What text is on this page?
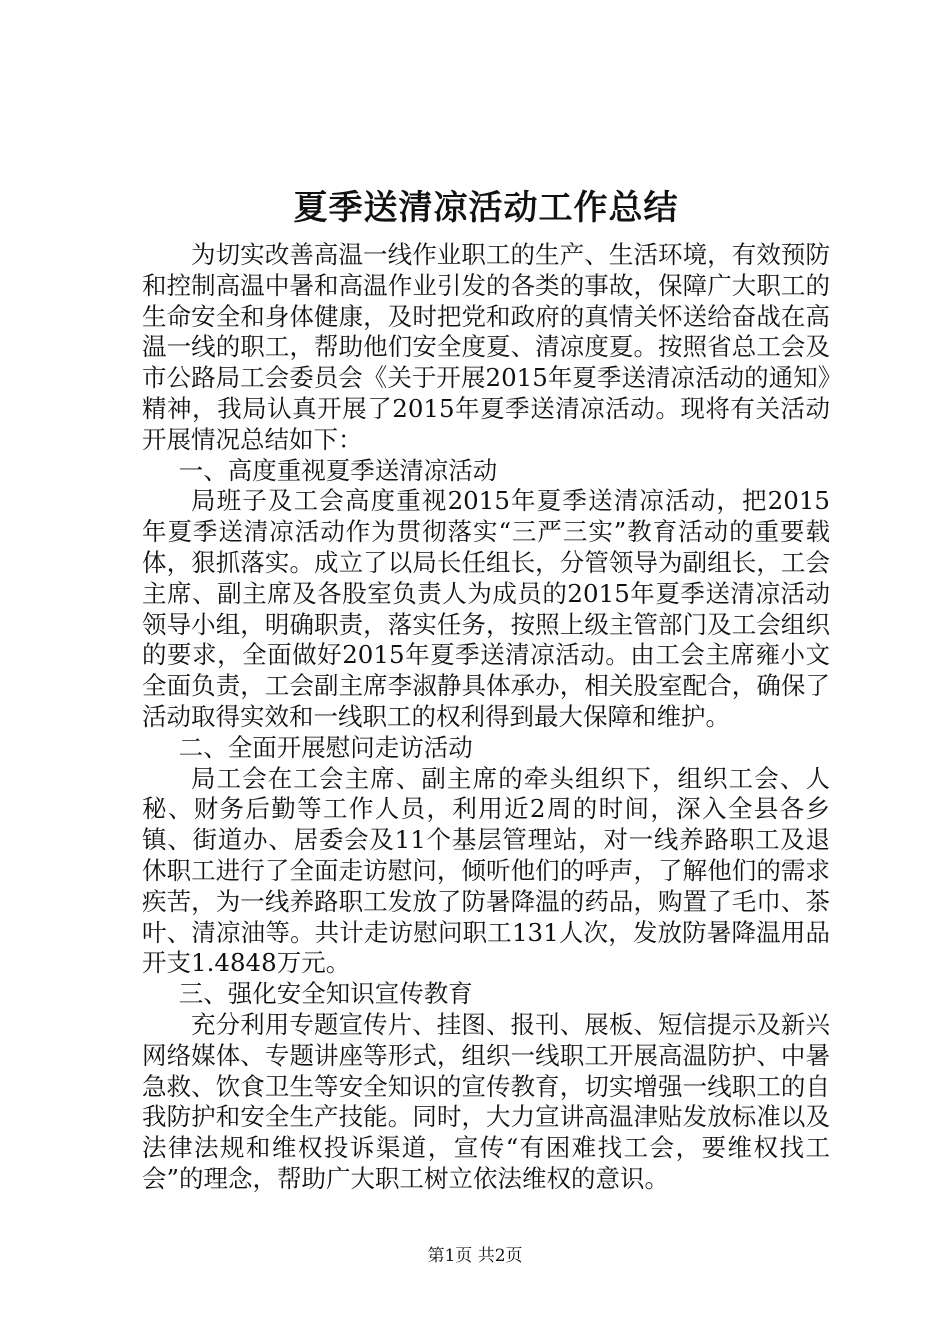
夏季送清凉活动工作总结

为切实改善高温一线作业职工的生产、生活环境，有效预防和控制高温中暑和高温作业引发的各类的事故，保障广大职工的生命安全和身体健康，及时把党和政府的真情关怀送给奋战在高温一线的职工，帮助他们安全度夏、清凉度夏。按照省总工会及市公路局工会委员会《关于开展2015年夏季送清凉活动的通知》精神，我局认真开展了2015年夏季送清凉活动。现将有关活动开展情况总结如下：

一、高度重视夏季送清凉活动

局班子及工会高度重视2015年夏季送清凉活动，把2015年夏季送清凉活动作为贯彻落实“三严三实”教育活动的重要载体，狠抓落实。成立了以局长任组长，分管领导为副组长，工会主席、副主席及各股室负责人为成员的2015年夏季送清凉活动领导小组，明确职责，落实任务，按照上级主管部门及工会组织的要求，全面做好2015年夏季送清凉活动。由工会主席雍小文全面负责，工会副主席李淑静具体承办，相关股室配合，确保了活动取得实效和一线职工的权利得到最大保障和维护。

二、全面开展慰问走访活动

局工会在工会主席、副主席的牵头组织下，组织工会、人秘、财务后勤等工作人员，利用近2周的时间，深入全县各乡镇、街道办、居委会及11个基层管理站，对一线养路职工及退休职工进行了全面走访慰问，倾听他们的呼声，了解他们的需求疾苦，为一线养路职工发放了防暑降温的药品，购置了毛巾、茶叶、清凉油等。共计走访慰问职工131人次，发放防暑降温用品开支1.4848万元。

三、强化安全知识宣传教育

充分利用专题宣传片、挂图、报刊、展板、短信提示及新兴网络媒体、专题讲座等形式，组织一线职工开展高温防护、中暑急救、饮食卫生等安全知识的宣传教育，切实增强一线职工的自我防护和安全生产技能。同时，大力宣讲高温津贴发放标准以及法律法规和维权投诉渠道，宣传“有困难找工会，要维权找工会”的理念，帮助广大职工树立依法维权的意识。

第1页 共2页
